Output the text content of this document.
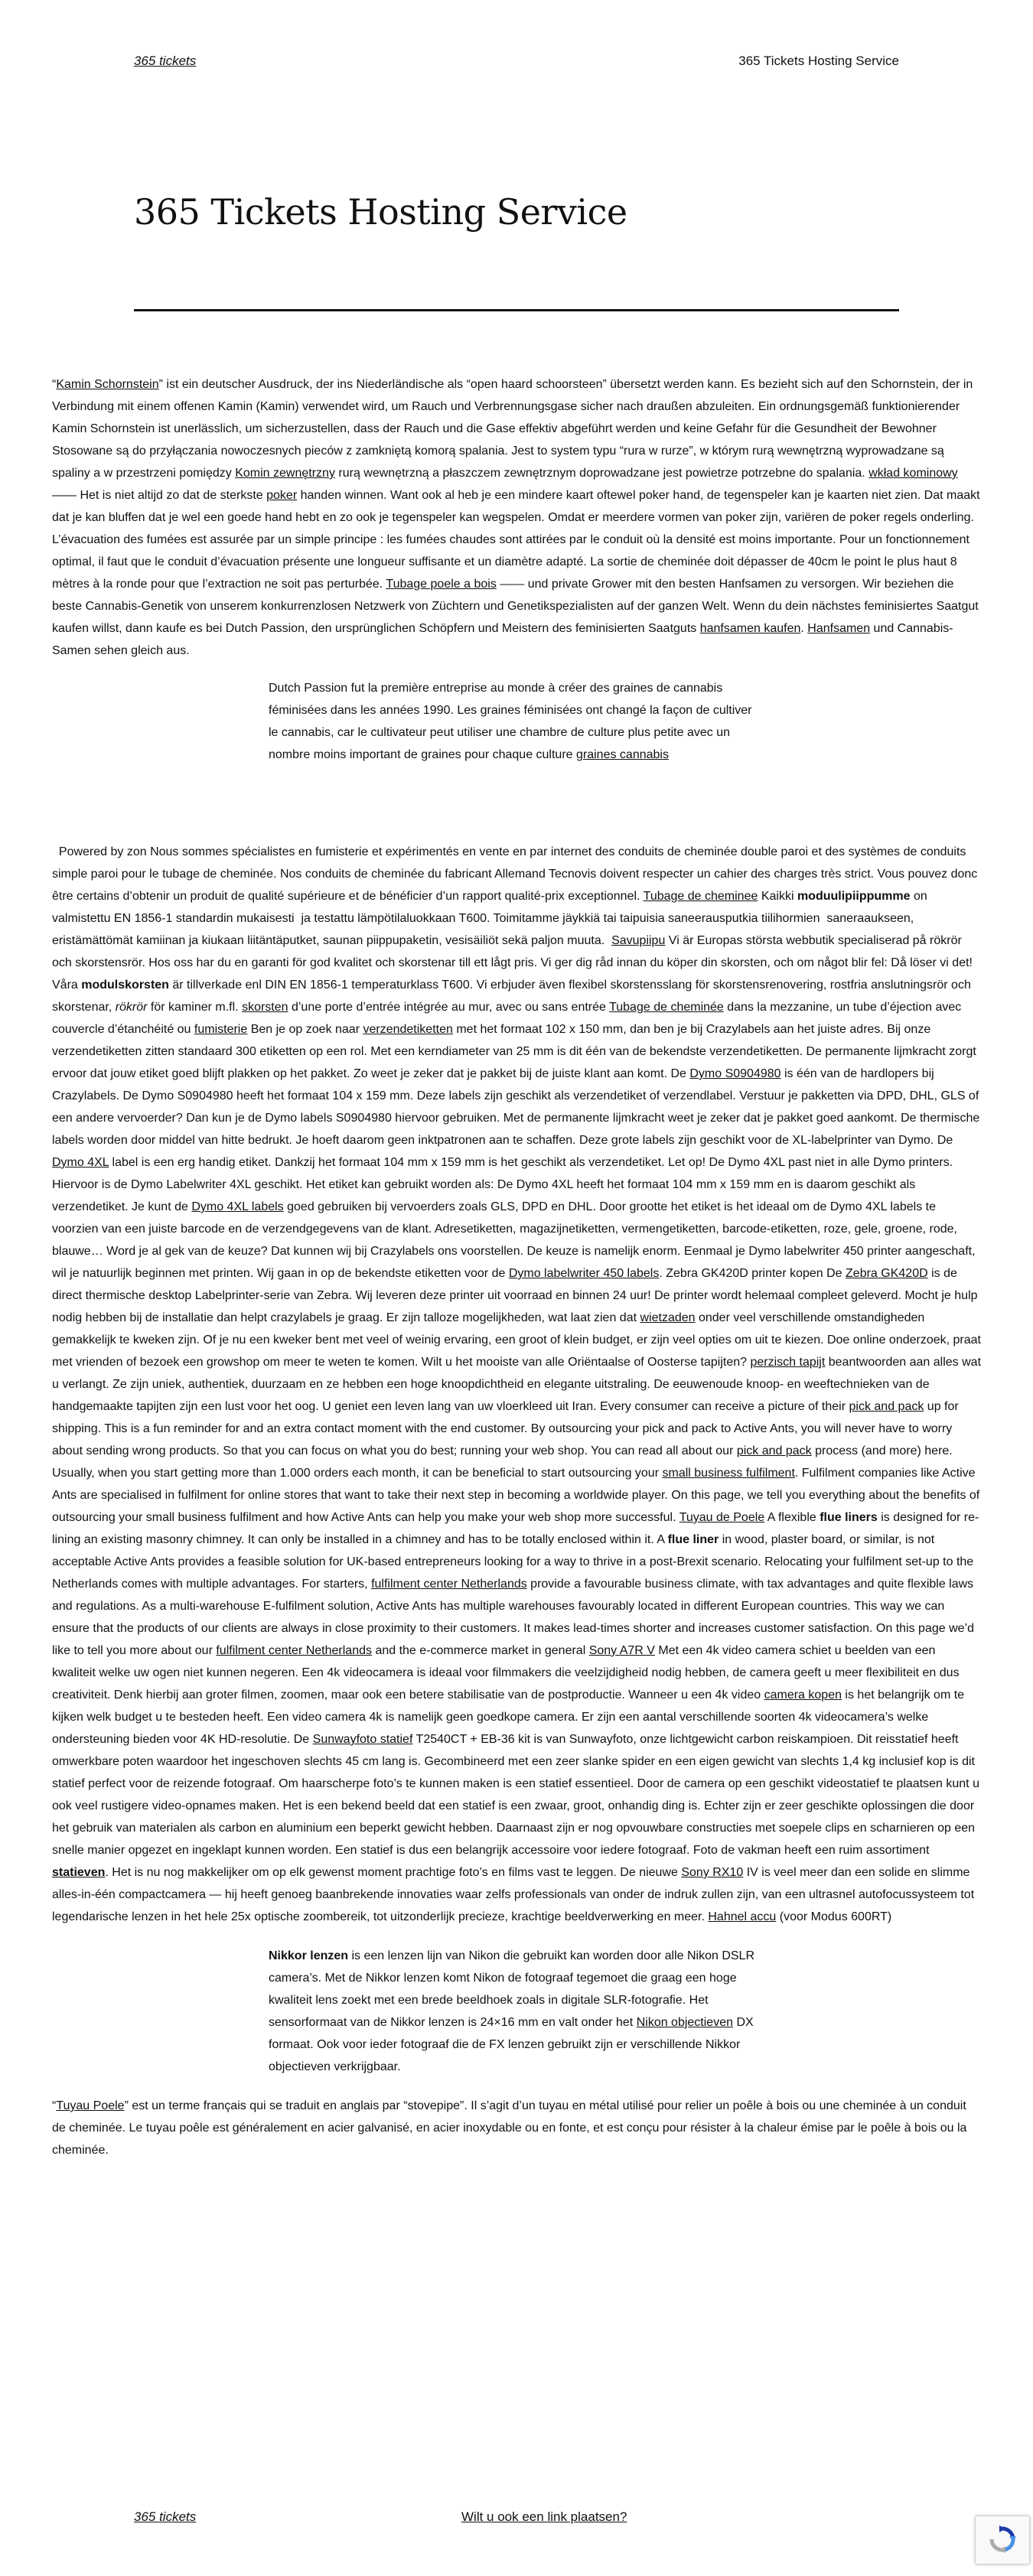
365 tickets	365 Tickets Hosting Service
365 Tickets Hosting Service

“Kamin Schornstein” ist ein deutscher Ausdruck, der ins Niederländische als “open haard schoorsteen” übersetzt werden kann. Es bezieht sich auf den Schornstein, der in Verbindung mit einem offenen Kamin (Kamin) verwendet wird, um Rauch und Verbrennungsgase sicher nach draußen abzuleiten. Ein ordnungsgemäß funktionierender Kamin Schornstein ist unerlässlich, um sicherzustellen, dass der Rauch und die Gase effektiv abgeführt werden und keine Gefahr für die Gesundheit der Bewohner Stosowane są do przyłączania nowoczesnych pieców z zamkniętą komorą spalania. Jest to system typu “rura w rurze”, w którym rurą wewnętrzną wyprowadzane są spaliny a w przestrzeni pomiędzy Komin zewnętrzny rurą wewnętrzną a płaszczem zewnętrznym doprowadzane jest powietrze potrzebne do spalania. wkład kominowy —— Het is niet altijd zo dat de sterkste poker handen winnen. Want ook al heb je een mindere kaart oftewel poker hand, de tegenspeler kan je kaarten niet zien. Dat maakt dat je kan bluffen dat je wel een goede hand hebt en zo ook je tegenspeler kan wegspelen. Omdat er meerdere vormen van poker zijn, variëren de poker regels onderling. L’évacuation des fumées est assurée par un simple principe : les fumées chaudes sont attirées par le conduit où la densité est moins importante. Pour un fonctionnement optimal, il faut que le conduit d’évacuation présente une longueur suffisante et un diamètre adapté. La sortie de cheminée doit dépasser de 40cm le point le plus haut 8 mètres à la ronde pour que l’extraction ne soit pas perturbée. Tubage poele a bois —— und private Grower mit den besten Hanfsamen zu versorgen. Wir beziehen die beste Cannabis-Genetik von unserem konkurrenzlosen Netzwerk von Züchtern und Genetikspezialisten auf der ganzen Welt. Wenn du dein nächstes feminisiertes Saatgut kaufen willst, dann kaufe es bei Dutch Passion, den ursprünglichen Schöpfern und Meistern des feminisierten Saatguts hanfsamen kaufen. Hanfsamen und Cannabis-Samen sehen gleich aus.

Dutch Passion fut la première entreprise au monde à créer des graines de cannabis féminisées dans les années 1990. Les graines féminisées ont changé la façon de cultiver le cannabis, car le cultivateur peut utiliser une chambre de culture plus petite avec un nombre moins important de graines pour chaque culture graines cannabis

Powered by zon Nous sommes spécialistes en fumisterie et expérimentés en vente en par internet des conduits de cheminée double paroi et des systèmes de conduits simple paroi pour le tubage de cheminée. Nos conduits de cheminée du fabricant Allemand Tecnovis doivent respecter un cahier des charges très strict. Vous pouvez donc être certains d’obtenir un produit de qualité supérieure et de bénéficier d’un rapport qualité-prix exceptionnel. Tubage de cheminee Kaikki moduulipiippumme on valmistettu EN 1856-1 standardin mukaisesti  ja testattu lämpötilaluokkaan T600. Toimitamme jäykkiä tai taipuisia saneerausputkia tiilihormien  saneraaukseen, eristämättömät kamiinan ja kiukaan liitäntäputket, saunan piippupaketin, vesisäiliöt sekä paljon muuta.  Savupiipu Vi är Europas största webbutik specialiserad på rökrör och skorstensrör. Hos oss har du en garanti för god kvalitet och skorstenar till ett lågt pris. Vi ger dig råd innan du köper din skorsten, och om något blir fel: Då löser vi det! Våra modulskorsten är tillverkade enl DIN EN 1856-1 temperaturklass T600. Vi erbjuder även flexibel skorstensslang för skorstensrenovering, rostfria anslutningsrör och skorstenar, rökrör för kaminer m.fl. skorsten d’une porte d’entrée intégrée au mur, avec ou sans entrée Tubage de cheminée dans la mezzanine, un tube d’éjection avec couvercle d’étanchéité ou fumisterie Ben je op zoek naar verzendetiketten met het formaat 102 x 150 mm, dan ben je bij Crazylabels aan het juiste adres. Bij onze verzendetiketten zitten standaard 300 etiketten op een rol. Met een kerndiameter van 25 mm is dit één van de bekendste verzendetiketten. De permanente lijmkracht zorgt ervoor dat jouw etiket goed blijft plakken op het pakket. Zo weet je zeker dat je pakket bij de juiste klant aan komt. De Dymo S0904980 is één van de hardlopers bij Crazylabels. De Dymo S0904980 heeft het formaat 104 x 159 mm. Deze labels zijn geschikt als verzendetiket of verzendlabel. Verstuur je pakketten via DPD, DHL, GLS of een andere vervoerder? Dan kun je de Dymo labels S0904980 hiervoor gebruiken. Met de permanente lijmkracht weet je zeker dat je pakket goed aankomt. De thermische labels worden door middel van hitte bedrukt. Je hoeft daarom geen inktpatronen aan te schaffen. Deze grote labels zijn geschikt voor de XL-labelprinter van Dymo. De Dymo 4XL label is een erg handig etiket. Dankzij het formaat 104 mm x 159 mm is het geschikt als verzendetiket. Let op! De Dymo 4XL past niet in alle Dymo printers. Hiervoor is de Dymo Labelwriter 4XL geschikt. Het etiket kan gebruikt worden als: De Dymo 4XL heeft het formaat 104 mm x 159 mm en is daarom geschikt als verzendetiket. Je kunt de Dymo 4XL labels goed gebruiken bij vervoerders zoals GLS, DPD en DHL. Door grootte het etiket is het ideaal om de Dymo 4XL labels te voorzien van een juiste barcode en de verzendgegevens van de klant. Adresetiketten, magazijnetiketten, vermengetiketten, barcode-etiketten, roze, gele, groene, rode, blauwe… Word je al gek van de keuze? Dat kunnen wij bij Crazylabels ons voorstellen. De keuze is namelijk enorm. Eenmaal je Dymo labelwriter 450 printer aangeschaft, wil je natuurlijk beginnen met printen. Wij gaan in op de bekendste etiketten voor de Dymo labelwriter 450 labels. Zebra GK420D printer kopen De Zebra GK420D is de direct thermische desktop Labelprinter-serie van Zebra. Wij leveren deze printer uit voorraad en binnen 24 uur! De printer wordt helemaal compleet geleverd. Mocht je hulp nodig hebben bij de installatie dan helpt crazylabels je graag. Er zijn talloze mogelijkheden, wat laat zien dat wietzaden onder veel verschillende omstandigheden gemakkelijk te kweken zijn. Of je nu een kweker bent met veel of weinig ervaring, een groot of klein budget, er zijn veel opties om uit te kiezen. Doe online onderzoek, praat met vrienden of bezoek een growshop om meer te weten te komen. Wilt u het mooiste van alle Oriëntaalse of Oosterse tapijten? perzisch tapijt beantwoorden aan alles wat u verlangt. Ze zijn uniek, authentiek, duurzaam en ze hebben een hoge knoopdichtheid en elegante uitstraling. De eeuwenoude knoop- en weeftechnieken van de handgemaakte tapijten zijn een lust voor het oog. U geniet een leven lang van uw vloerkleed uit Iran. Every consumer can receive a picture of their pick and pack up for shipping. This is a fun reminder for and an extra contact moment with the end customer. By outsourcing your pick and pack to Active Ants, you will never have to worry about sending wrong products. So that you can focus on what you do best; running your web shop. You can read all about our pick and pack process (and more) here. Usually, when you start getting more than 1.000 orders each month, it can be beneficial to start outsourcing your small business fulfilment. Fulfilment companies like Active Ants are specialised in fulfilment for online stores that want to take their next step in becoming a worldwide player. On this page, we tell you everything about the benefits of outsourcing your small business fulfilment and how Active Ants can help you make your web shop more successful. Tuyau de Poele A flexible flue liners is designed for re-lining an existing masonry chimney. It can only be installed in a chimney and has to be totally enclosed within it. A flue liner in wood, plaster board, or similar, is not acceptable Active Ants provides a feasible solution for UK-based entrepreneurs looking for a way to thrive in a post-Brexit scenario. Relocating your fulfilment set-up to the Netherlands comes with multiple advantages. For starters, fulfilment center Netherlands provide a favourable business climate, with tax advantages and quite flexible laws and regulations. As a multi-warehouse E-fulfilment solution, Active Ants has multiple warehouses favourably located in different European countries. This way we can ensure that the products of our clients are always in close proximity to their customers. It makes lead-times shorter and increases customer satisfaction. On this page we’d like to tell you more about our fulfilment center Netherlands and the e-commerce market in general Sony A7R V Met een 4k video camera schiet u beelden van een kwaliteit welke uw ogen niet kunnen negeren. Een 4k videocamera is ideaal voor filmmakers die veelzijdigheid nodig hebben, de camera geeft u meer flexibiliteit en dus creativiteit. Denk hierbij aan groter filmen, zoomen, maar ook een betere stabilisatie van de postproductie. Wanneer u een 4k video camera kopen is het belangrijk om te kijken welk budget u te besteden heeft. Een video camera 4k is namelijk geen goedkope camera. Er zijn een aantal verschillende soorten 4k videocamera’s welke ondersteuning bieden voor 4K HD-resolutie. De Sunwayfoto statief T2540CT + EB-36 kit is van Sunwayfoto, onze lichtgewicht carbon reiskampioen. Dit reisstatief heeft omwerkbare poten waardoor het ingeschoven slechts 45 cm lang is. Gecombineerd met een zeer slanke spider en een eigen gewicht van slechts 1,4 kg inclusief kop is dit statief perfect voor de reizende fotograaf. Om haarscherpe foto’s te kunnen maken is een statief essentieel. Door de camera op een geschikt videostatief te plaatsen kunt u ook veel rustigere video-opnames maken. Het is een bekend beeld dat een statief is een zwaar, groot, onhandig ding is. Echter zijn er zeer geschikte oplossingen die door het gebruik van materialen als carbon en aluminium een beperkt gewicht hebben. Daarnaast zijn er nog opvouwbare constructies met soepele clips en scharnieren op een snelle manier opgezet en ingeklapt kunnen worden. Een statief is dus een belangrijk accessoire voor iedere fotograaf. Foto de vakman heeft een ruim assortiment statieven. Het is nu nog makkelijker om op elk gewenst moment prachtige foto’s en films vast te leggen. De nieuwe Sony RX10 IV is veel meer dan een solide en slimme alles-in-één compactcamera — hij heeft genoeg baanbrekende innovaties waar zelfs professionals van onder de indruk zullen zijn, van een ultrasnel autofocussysteem tot legendarische lenzen in het hele 25x optische zoombereik, tot uitzonderlijk precieze, krachtige beeldverwerking en meer. Hahnel accu (voor Modus 600RT)

Nikkor lenzen is een lenzen lijn van Nikon die gebruikt kan worden door alle Nikon DSLR camera’s. Met de Nikkor lenzen komt Nikon de fotograaf tegemoet die graag een hoge kwaliteit lens zoekt met een brede beeldhoek zoals in digitale SLR-fotografie. Het sensorformaat van de Nikkor lenzen is 24×16 mm en valt onder het Nikon objectieven DX formaat. Ook voor ieder fotograaf die de FX lenzen gebruikt zijn er verschillende Nikkor objectieven verkrijgbaar.

“Tuyau Poele” est un terme français qui se traduit en anglais par “stovepipe”. Il s’agit d’un tuyau en métal utilisé pour relier un poêle à bois ou une cheminée à un conduit de cheminée. Le tuyau poêle est généralement en acier galvanisé, en acier inoxydable ou en fonte, et est conçu pour résister à la chaleur émise par le poêle à bois ou la cheminée.

365 tickets	Wilt u ook een link plaatsen?
